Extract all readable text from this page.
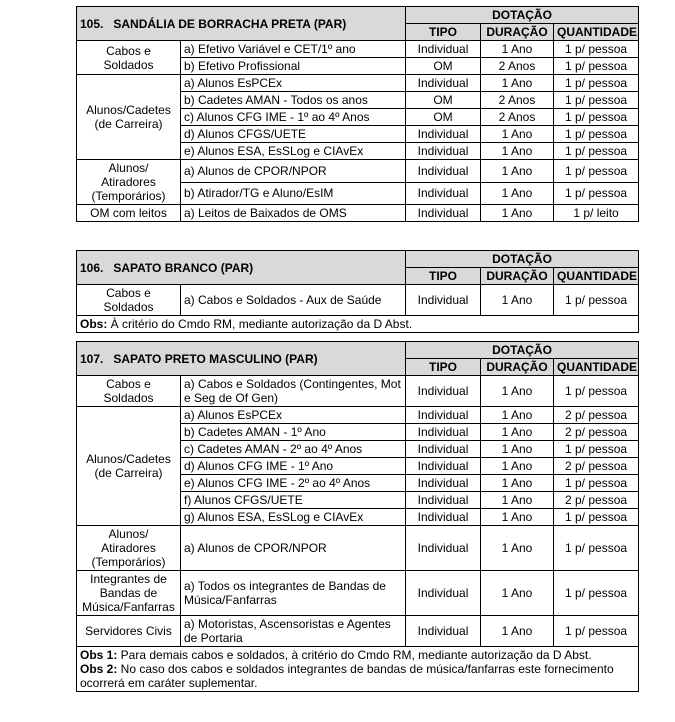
105. SANDÁLIA DE BORRACHA PRETA (PAR)		DOTAÇÃO		
		TIPO	DURAÇÃO	QUANTIDADE
Cabos e Soldados	a) Efetivo Variável e CET/1º ano	Individual	1 Ano	1 p/ pessoa
	b) Efetivo Profissional	OM	2 Anos	1 p/ pessoa
Alunos/Cadetes (de Carreira)	a) Alunos EsPCEx	Individual	1 Ano	1 p/ pessoa
	b) Cadetes AMAN - Todos os anos	OM	2 Anos	1 p/ pessoa
	c) Alunos CFG IME - 1º ao 4º Anos	OM	2 Anos	1 p/ pessoa
	d) Alunos CFGS/UETE	Individual	1 Ano	1 p/ pessoa
	e) Alunos ESA, EsSLog e CIAvEx	Individual	1 Ano	1 p/ pessoa
Alunos/ Atiradores (Temporários)	a) Alunos de CPOR/NPOR	Individual	1 Ano	1 p/ pessoa
	b) Atirador/TG e Aluno/EsIM	Individual	1 Ano	1 p/ pessoa
OM com leitos	a) Leitos de Baixados de OMS	Individual	1 Ano	1 p/ leito
106. SAPATO BRANCO (PAR)		DOTAÇÃO		
		TIPO	DURAÇÃO	QUANTIDADE
Cabos e Soldados	a) Cabos e Soldados - Aux de Saúde	Individual	1 Ano	1 p/ pessoa
Obs: À critério do Cmdo RM, mediante autorização da D Abst.				
107. SAPATO PRETO MASCULINO (PAR)		DOTAÇÃO		
		TIPO	DURAÇÃO	QUANTIDADE
Cabos e Soldados	a) Cabos e Soldados (Contingentes, Mot e Seg de Of Gen)	Individual	1 Ano	1 p/ pessoa
Alunos/Cadetes (de Carreira)	a) Alunos EsPCEx	Individual	1 Ano	2 p/ pessoa
	b) Cadetes AMAN - 1º Ano	Individual	1 Ano	2 p/ pessoa
	c) Cadetes AMAN - 2º ao 4º Anos	Individual	1 Ano	1 p/ pessoa
	d) Alunos CFG IME - 1º Ano	Individual	1 Ano	2 p/ pessoa
	e) Alunos CFG IME - 2º ao 4º Anos	Individual	1 Ano	1 p/ pessoa
	f) Alunos CFGS/UETE	Individual	1 Ano	2 p/ pessoa
	g) Alunos ESA, EsSLog e CIAvEx	Individual	1 Ano	1 p/ pessoa
Alunos/ Atiradores (Temporários)	a) Alunos de CPOR/NPOR	Individual	1 Ano	1 p/ pessoa
Integrantes de Bandas de Música/Fanfarras	a) Todos os integrantes de Bandas de Música/Fanfarras	Individual	1 Ano	1 p/ pessoa
Servidores Civis	a) Motoristas, Ascensoristas e Agentes de Portaria	Individual	1 Ano	1 p/ pessoa

Obs 1: Para demais cabos e soldados, à critério do Cmdo RM, mediante autorização da D Abst.
Obs 2: No caso dos cabos e soldados integrantes de bandas de música/fanfarras este fornecimento ocorrerá em caráter suplementar.				
